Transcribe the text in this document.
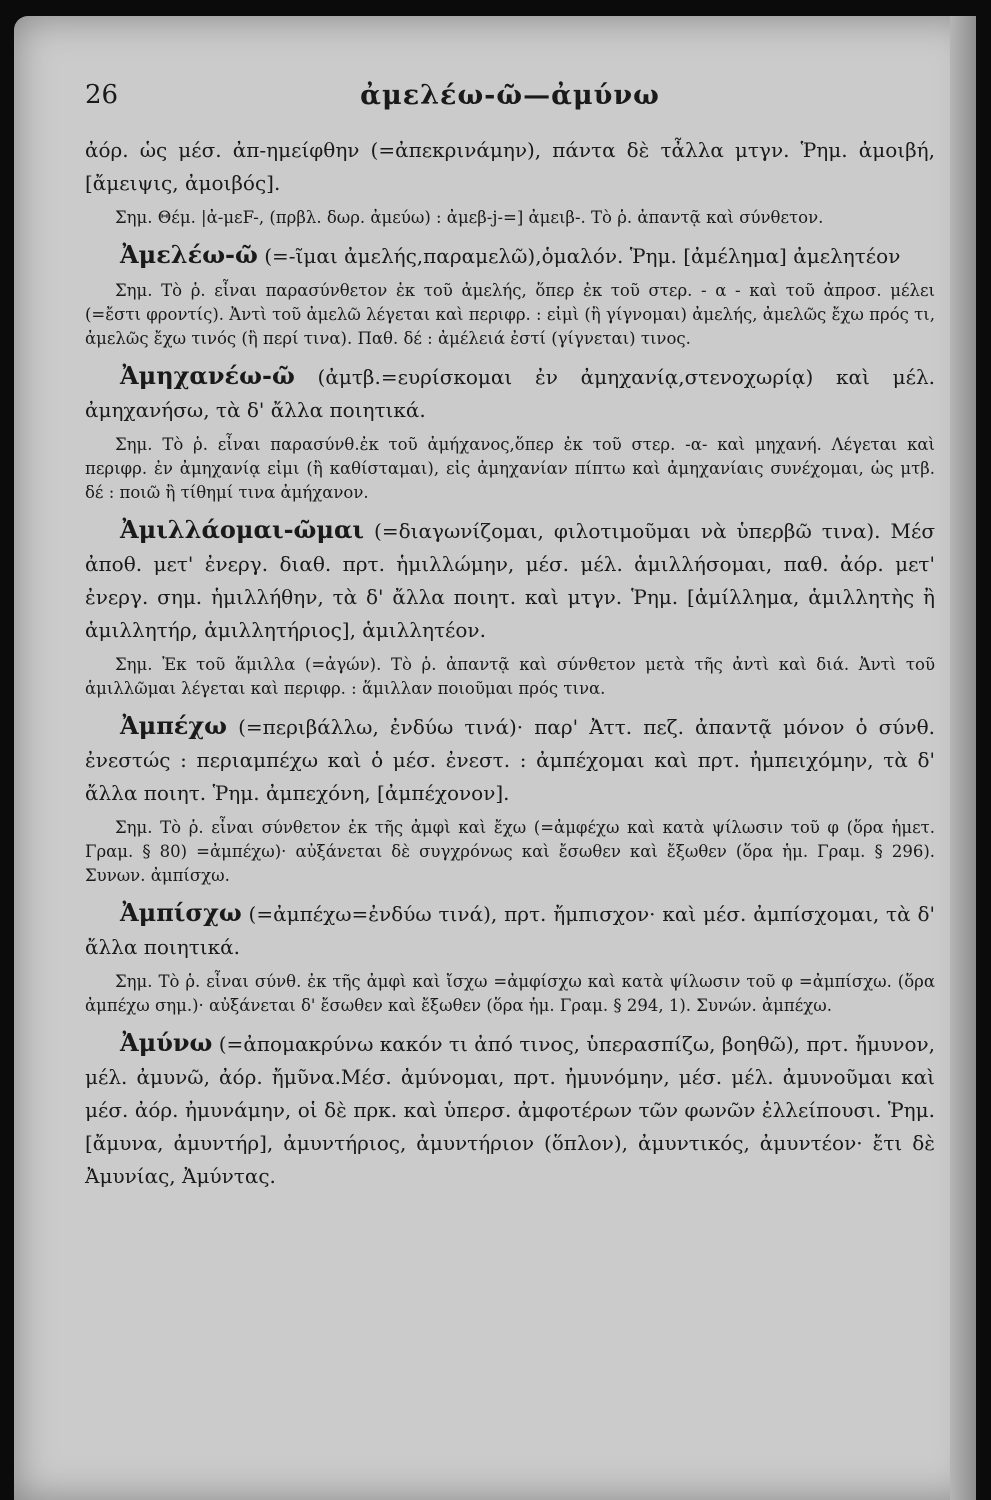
26	ἀμελέω-ῶ—ἀμύνω

ἀόρ. ὡς μέσ. ἀπ-ημείφθην (=ἀπεκρινάμην), πάντα δὲ τἆλλα μτγν. Ῥημ. ἀμοιβή, [ἄμειψις, ἀμοιβός].

Σημ. Θέμ. |ἀ-μεF-, (πρβλ. δωρ. ἀμεύω) : ἀμεβ-j-=] ἀμειβ-. Τὸ ῥ. ἀπαντᾷ καὶ σύνθετον.

Ἀμελέω-ῶ (=-ῖμαι ἀμελής,παραμελῶ),ὁμαλόν. Ῥημ. [ἀμέλημα] ἀμελητέον

Σημ. Τὸ ῥ. εἶναι παρασύνθετον ἐκ τοῦ ἀμελής, ὅπερ ἐκ τοῦ στερ. - α - καὶ τοῦ ἀπροσ. μέλει (=ἔστι φροντίς). Ἀντὶ τοῦ ἀμελῶ λέγεται καὶ περιφρ. : εἰμὶ (ἢ γίγνομαι) ἀμελής, ἀμελῶς ἔχω πρός τι, ἀμελῶς ἔχω τινός (ἢ περί τινα). Παθ. δέ : ἀμέλειά ἐστί (γίγνεται) τινος.

Ἀμηχανέω-ῶ (ἀμτβ.=ευρίσκομαι ἐν ἀμηχανίᾳ,στενοχωρίᾳ) καὶ μέλ. ἀμηχανήσω, τὰ δ' ἄλλα ποιητικά.

Σημ. Τὸ ῥ. εἶναι παρασύνθ.ἐκ τοῦ ἀμήχανος,ὅπερ ἐκ τοῦ στερ. -α- καὶ μηχανή. Λέγεται καὶ περιφρ. ἐν ἀμηχανίᾳ εἰμι (ἢ καθίσταμαι), εἰς ἀμηχανίαν πίπτω καὶ ἀμηχανίαις συνέχομαι, ὡς μτβ. δέ : ποιῶ ἢ τίθημί τινα ἀμήχανον.

Ἀμιλλάομαι-ῶμαι (=διαγωνίζομαι, φιλοτιμοῦμαι νὰ ὑπερβῶ τινα). Μέσ ἀποθ. μετ' ἐνεργ. διαθ. πρτ. ἡμιλλώμην, μέσ. μέλ. ἁμιλλήσομαι, παθ. ἀόρ. μετ' ἐνεργ. σημ. ἡμιλλήθην, τὰ δ' ἄλλα ποιητ. καὶ μτγν. Ῥημ. [ἁμίλλημα, ἁμιλλητὴς ἢ ἁμιλλητήρ, ἁμιλλητήριος], ἁμιλλητέον.

Σημ. Ἐκ τοῦ ἅμιλλα (=ἀγών). Τὸ ῥ. ἀπαντᾷ καὶ σύνθετον μετὰ τῆς ἀντὶ καὶ διά. Ἀντὶ τοῦ ἁμιλλῶμαι λέγεται καὶ περιφρ. : ἅμιλλαν ποιοῦμαι πρός τινα.

Ἀμπέχω (=περιβάλλω, ἐνδύω τινά)· παρ' Ἀττ. πεζ. ἀπαντᾷ μόνον ὁ σύνθ. ἐνεστώς : περιαμπέχω καὶ ὁ μέσ. ἐνεστ. : ἀμπέχομαι καὶ πρτ. ἠμπειχόμην, τὰ δ' ἄλλα ποιητ. Ῥημ. ἀμπεχόνη, [ἀμπέχονον].

Σημ. Τὸ ῥ. εἶναι σύνθετον ἐκ τῆς ἀμφὶ καὶ ἔχω (=ἀμφέχω καὶ κατὰ ψίλωσιν τοῦ φ (ὅρα ἡμετ. Γραμ. § 80) =ἀμπέχω)· αὐξάνεται δὲ συγχρόνως καὶ ἔσωθεν καὶ ἔξωθεν (ὅρα ἡμ. Γραμ. § 296). Συνων. ἀμπίσχω.

Ἀμπίσχω (=ἀμπέχω=ἐνδύω τινά), πρτ. ἤμπισχον· καὶ μέσ. ἀμπίσχομαι, τὰ δ' ἄλλα ποιητικά.

Σημ. Τὸ ῥ. εἶναι σύνθ. ἐκ τῆς ἀμφὶ καὶ ἴσχω =ἀμφίσχω καὶ κατὰ ψίλωσιν τοῦ φ =ἀμπίσχω. (ὅρα ἀμπέχω σημ.)· αὐξάνεται δ' ἔσωθεν καὶ ἔξωθεν (ὅρα ἡμ. Γραμ. § 294, 1). Συνών. ἀμπέχω.

Ἀμύνω (=ἀπομακρύνω κακόν τι ἀπό τινος, ὑπερασπίζω, βοηθῶ), πρτ. ἤμυνον, μέλ. ἀμυνῶ, ἀόρ. ἤμῦνα.Μέσ. ἀμύνομαι, πρτ. ἠμυνόμην, μέσ. μέλ. ἀμυνοῦμαι καὶ μέσ. ἀόρ. ἠμυνάμην, οἱ δὲ πρκ. καὶ ὑπερσ. ἀμφοτέρων τῶν φωνῶν ἐλλείπουσι. Ῥημ. [ἄμυνα, ἀμυντήρ], ἀμυντήριος, ἀμυντήριον (ὅπλον), ἀμυντικός, ἀμυντέον· ἔτι δὲ Ἀμυνίας, Ἀμύντας.
